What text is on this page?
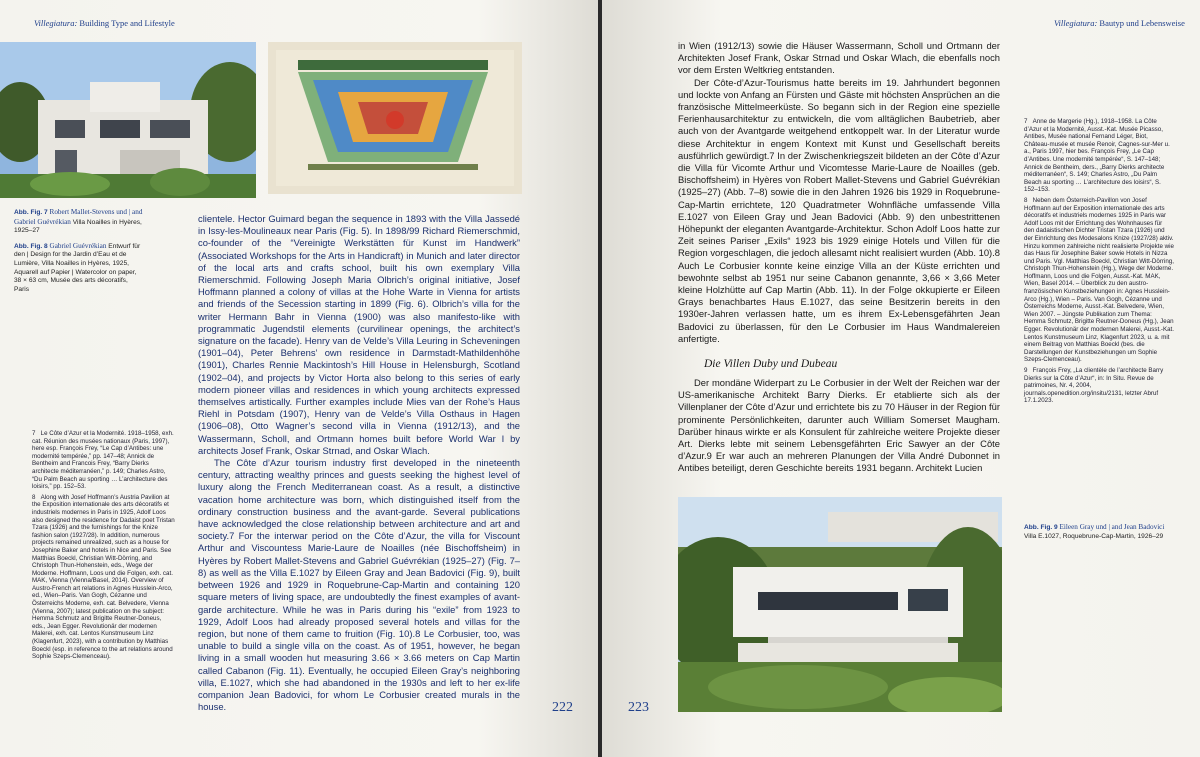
Villegiatura: Building Type and Lifestyle

Abb. Fig. 7 Robert Mallet-Stevens und | and Gabriel Guévrékian Villa Noailles in Hyères, 1925–27

Abb. Fig. 8 Gabriel Guévrékian Entwurf für den | Design for the Jardin d’Eau et de Lumière, Villa Noailles in Hyères, 1925, Aquarell auf Papier | Watercolor on paper, 38 × 63 cm, Musée des arts décoratifs, Paris

7 Le Côte d’Azur et la Modernité. 1918–1958, exh. cat. Réunion des musées nationaux (Paris, 1997), here esp. François Frey, “Le Cap d’Antibes: une modernité tempérée,” pp. 147–48; Annick de Bentheim and Francois Frey, “Barry Dierks architecte méditerranéen,” p. 149; Charles Astro, “Du Palm Beach au sporting … L’architecture des loisirs,” pp. 152–53.

8 Along with Josef Hoffmann’s Austria Pavilion at the Exposition internationale des arts décoratifs et industriels modernes in Paris in 1925, Adolf Loos also designed the residence for Dadaist poet Tristan Tzara (1926) and the furnishings for the Knize fashion salon (1927/28). In addition, numerous projects remained unrealized, such as a house for Josephine Baker and hotels in Nice and Paris. See Matthias Boeckl, Christian Witt-Dörring, and Christoph Thun-Hohenstein, eds., Wege der Moderne. Hoffmann, Loos und die Folgen, exh. cat. MAK, Vienna (Vienna/Basel, 2014). Overview of Austro-French art relations in Agnes Husslein-Arco, ed., Wien–Paris. Van Gogh, Cézanne und Österreichs Moderne, exh. cat. Belvedere, Vienna (Vienna, 2007); latest publication on the subject: Hemma Schmutz and Brigitte Reutner-Doneus, eds., Jean Egger. Revolutionär der modernen Malerei, exh. cat. Lentos Kunstmuseum Linz (Klagenfurt, 2023), with a contribution by Matthias Boeckl (esp. in reference to the art relations around Sophie Szeps-Clemenceau).

clientele. Hector Guimard began the sequence in 1893 with the Villa Jassedé in Issy-les-Moulineaux near Paris (Fig. 5). In 1898/99 Richard Riemerschmid, co-founder of the “Vereinigte Werkstätten für Kunst im Handwerk” (Associated Workshops for the Arts in Handicraft) in Munich and later director of the local arts and crafts school, built his own exemplary Villa Riemerschmid. Following Joseph Maria Olbrich’s original initiative, Josef Hoffmann planned a colony of villas at the Hohe Warte in Vienna for artists and friends of the Secession starting in 1899 (Fig. 6). Olbrich’s villa for the writer Hermann Bahr in Vienna (1900) was also manifesto-like with programmatic Jugendstil elements (curvilinear openings, the architect’s signature on the facade). Henry van de Velde’s Villa Leuring in Scheveningen (1901–04), Peter Behrens’ own residence in Darmstadt-Mathildenhöhe (1901), Charles Rennie Mackintosh’s Hill House in Helensburgh, Scotland (1902–04), and projects by Victor Horta also belong to this series of early modern pioneer villas and residences in which young architects expressed themselves artistically. Further examples include Mies van der Rohe’s Haus Riehl in Potsdam (1907), Henry van de Velde’s Villa Osthaus in Hagen (1906–08), Otto Wagner’s second villa in Vienna (1912/13), and the Wassermann, Scholl, and Ortmann homes built before World War I by architects Josef Frank, Oskar Strnad, and Oskar Wlach.

The Côte d’Azur tourism industry first developed in the nineteenth century, attracting wealthy princes and guests seeking the highest level of luxury along the French Mediterranean coast. As a result, a distinctive vacation home architecture was born, which distinguished itself from the ordinary construction business and the avant-garde. Several publications have acknowledged the close relationship between architecture and art and society.7 For the interwar period on the Côte d’Azur, the villa for Viscount Arthur and Viscountess Marie-Laure de Noailles (née Bischoffsheim) in Hyères by Robert Mallet-Stevens and Gabriel Guévrékian (1925–27) (Fig. 7–8) as well as the Villa E.1027 by Eileen Gray and Jean Badovici (Fig. 9), built between 1926 and 1929 in Roquebrune-Cap-Martin and containing 120 square meters of living space, are undoubtedly the finest examples of avant-garde architecture. While he was in Paris during his “exile” from 1923 to 1929, Adolf Loos had already proposed several hotels and villas for the region, but none of them came to fruition (Fig. 10).8 Le Corbusier, too, was unable to build a single villa on the coast. As of 1951, however, he began living in a small wooden hut measuring 3.66 × 3.66 meters on Cap Martin called Cabanon (Fig. 11). Eventually, he occupied Eileen Gray’s neighboring villa, E.1027, which she had abandoned in the 1930s and left to her ex-life companion Jean Badovici, for whom Le Corbusier created murals in the house.	222
Villegiatura: Bautyp und Lebensweise

in Wien (1912/13) sowie die Häuser Wassermann, Scholl und Ortmann der Architekten Josef Frank, Oskar Strnad und Oskar Wlach, die ebenfalls noch vor dem Ersten Weltkrieg entstanden.

Der Côte-d’Azur-Tourismus hatte bereits im 19. Jahrhundert begonnen und lockte von Anfang an Fürsten und Gäste mit höchsten Ansprüchen an die französische Mittelmeerküste. So begann sich in der Region eine spezielle Ferienhausarchitektur zu entwickeln, die vom alltäglichen Baubetrieb, aber auch von der Avantgarde weitgehend entkoppelt war. In der Literatur wurde diese Architektur in engem Kontext mit Kunst und Gesellschaft bereits ausführlich gewürdigt.7 In der Zwischenkriegszeit bildeten an der Côte d’Azur die Villa für Vicomte Arthur und Vicomtesse Marie-Laure de Noailles (geb. Bischoffsheim) in Hyères von Robert Mallet-Stevens und Gabriel Guévrékian (1925–27) (Abb. 7–8) sowie die in den Jahren 1926 bis 1929 in Roquebrune-Cap-Martin errichtete, 120 Quadratmeter Wohnfläche umfassende Villa E.1027 von Eileen Gray und Jean Badovici (Abb. 9) den unbestrittenen Höhepunkt der eleganten Avantgarde-Architektur. Schon Adolf Loos hatte zur Zeit seines Pariser „Exils“ 1923 bis 1929 einige Hotels und Villen für die Region vorgeschlagen, die jedoch allesamt nicht realisiert wurden (Abb. 10).8 Auch Le Corbusier konnte keine einzige Villa an der Küste errichten und bewohnte selbst ab 1951 nur seine Cabanon genannte, 3,66 × 3,66 Meter kleine Holzhütte auf Cap Martin (Abb. 11). In der Folge okkupierte er Eileen Grays benachbartes Haus E.1027, das seine Besitzerin bereits in den 1930er-Jahren verlassen hatte, um es ihrem Ex-Lebensgefährten Jean Badovici zu überlassen, für den Le Corbusier im Haus Wandmalereien anfertigte.

Die Villen Duby und Dubeau

Der mondäne Widerpart zu Le Corbusier in der Welt der Reichen war der US-amerikanische Architekt Barry Dierks. Er etablierte sich als der Villenplaner der Côte d’Azur und errichtete bis zu 70 Häuser in der Region für prominente Persönlichkeiten, darunter auch William Somerset Maugham. Darüber hinaus wirkte er als Konsulent für zahlreiche weitere Projekte dieser Art. Dierks lebte mit seinem Lebensgefährten Eric Sawyer an der Côte d’Azur.9 Er war auch an mehreren Planungen der Villa André Dubonnet in Antibes beteiligt, deren Geschichte bereits 1931 begann. Architekt Lucien

7 Anne de Margerie (Hg.), 1918–1958. La Côte d’Azur et la Modernité, Ausst.-Kat. Musée Picasso, Antibes, Musée national Fernand Léger, Biot, Château-musée et musée Renoir, Cagnes-sur-Mer u. a., Paris 1997, hier bes. François Frey, „Le Cap d’Antibes. Une modernité tempérée“, S. 147–148; Annick de Bentheim, ders., „Barry Dierks architecte méditerranéen“, S. 149; Charles Astro, „Du Palm Beach au sporting … L’architecture des loisirs“, S. 152–153.

8 Neben dem Österreich-Pavillon von Josef Hoffmann auf der Exposition internationale des arts décoratifs et industriels modernes 1925 in Paris war Adolf Loos mit der Errichtung des Wohnhauses für den dadaistischen Dichter Tristan Tzara (1926) und der Einrichtung des Modesalons Knize (1927/28) aktiv. Hinzu kommen zahlreiche nicht realisierte Projekte wie das Haus für Josephine Baker sowie Hotels in Nizza und Paris. Vgl. Matthias Boeckl, Christian Witt-Dörring, Christoph Thun-Hohenstein (Hg.), Wege der Moderne. Hoffmann, Loos und die Folgen, Ausst.-Kat. MAK, Wien, Basel 2014. – Überblick zu den austro-französischen Kunstbeziehungen in: Agnes Husslein-Arco (Hg.), Wien – Paris. Van Gogh, Cézanne und Österreichs Moderne, Ausst.-Kat. Belvedere, Wien, Wien 2007. – Jüngste Publikation zum Thema: Hemma Schmutz, Brigitte Reutner-Doneus (Hg.), Jean Egger. Revolutionär der modernen Malerei, Ausst.-Kat. Lentos Kunstmuseum Linz, Klagenfurt 2023, u. a. mit einem Beitrag von Matthias Boeckl (bes. die Darstellungen der Kunstbeziehungen um Sophie Szeps-Clemenceau).

9 François Frey, „La clientèle de l’architecte Barry Dierks sur la Côte d’Azur“, in: In Situ. Revue de patrimoines, Nr. 4, 2004, journals.openedition.org/insitu/2131, letzter Abruf 17.1.2023.

Abb. Fig. 9 Eileen Gray und | and Jean Badovici Villa E.1027, Roquebrune-Cap-Martin, 1926–29

223
